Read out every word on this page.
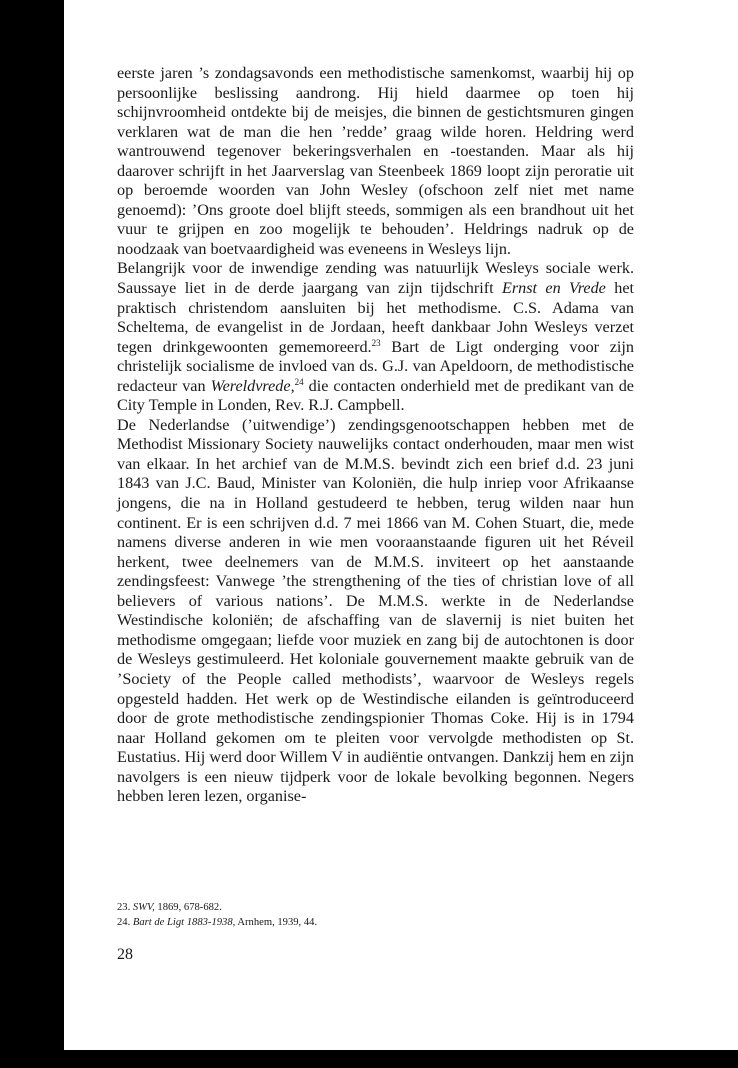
eerste jaren ’s zondagsavonds een methodistische samenkomst, waarbij hij op persoonlijke beslissing aandrong. Hij hield daarmee op toen hij schijnvroomheid ontdekte bij de meisjes, die binnen de gestichtsmuren gingen verklaren wat de man die hen ’redde’ graag wilde horen. Heldring werd wantrouwend tegenover bekeringsverhalen en -toestanden. Maar als hij daarover schrijft in het Jaarverslag van Steenbeek 1869 loopt zijn peroratie uit op beroemde woorden van John Wesley (ofschoon zelf niet met name genoemd): ’Ons groote doel blijft steeds, sommigen als een brandhout uit het vuur te grijpen en zoo mogelijk te behouden’. Heldrings nadruk op de noodzaak van boetvaardigheid was eveneens in Wesleys lijn.

Belangrijk voor de inwendige zending was natuurlijk Wesleys sociale werk. Saussaye liet in de derde jaargang van zijn tijdschrift Ernst en Vrede het praktisch christendom aansluiten bij het methodisme. C.S. Adama van Scheltema, de evangelist in de Jordaan, heeft dankbaar John Wesleys verzet tegen drinkgewoonten gememoreerd.$^{23}$ Bart de Ligt onderging voor zijn christelijk socialisme de invloed van ds. G.J. van Apeldoorn, de methodistische redacteur van Wereldvrede,$^{24}$ die contacten onderhield met de predikant van de City Temple in Londen, Rev. R.J. Campbell.

De Nederlandse (’uitwendige’) zendingsgenootschappen hebben met de Methodist Missionary Society nauwelijks contact onderhouden, maar men wist van elkaar. In het archief van de M.M.S. bevindt zich een brief d.d. 23 juni 1843 van J.C. Baud, Minister van Koloniën, die hulp inriep voor Afrikaanse jongens, die na in Holland gestudeerd te hebben, terug wilden naar hun continent. Er is een schrijven d.d. 7 mei 1866 van M. Cohen Stuart, die, mede namens diverse anderen in wie men vooraanstaande figuren uit het Réveil herkent, twee deelnemers van de M.M.S. inviteert op het aanstaande zendingsfeest: Vanwege ’the strengthening of the ties of christian love of all believers of various nations’. De M.M.S. werkte in de Nederlandse Westindische koloniën; de afschaffing van de slavernij is niet buiten het methodisme omgegaan; liefde voor muziek en zang bij de autochtonen is door de Wesleys gestimuleerd. Het koloniale gouvernement maakte gebruik van de ’Society of the People called methodists’, waarvoor de Wesleys regels opgesteld hadden. Het werk op de Westindische eilanden is geïntroduceerd door de grote methodistische zendingspionier Thomas Coke. Hij is in 1794 naar Holland gekomen om te pleiten voor vervolgde methodisten op St. Eustatius. Hij werd door Willem V in audiëntie ontvangen. Dankzij hem en zijn navolgers is een nieuw tijdperk voor de lokale bevolking begonnen. Negers hebben leren lezen, organise-

23. SWV, 1869, 678-682.

24. Bart de Ligt 1883-1938, Arnhem, 1939, 44.

28
